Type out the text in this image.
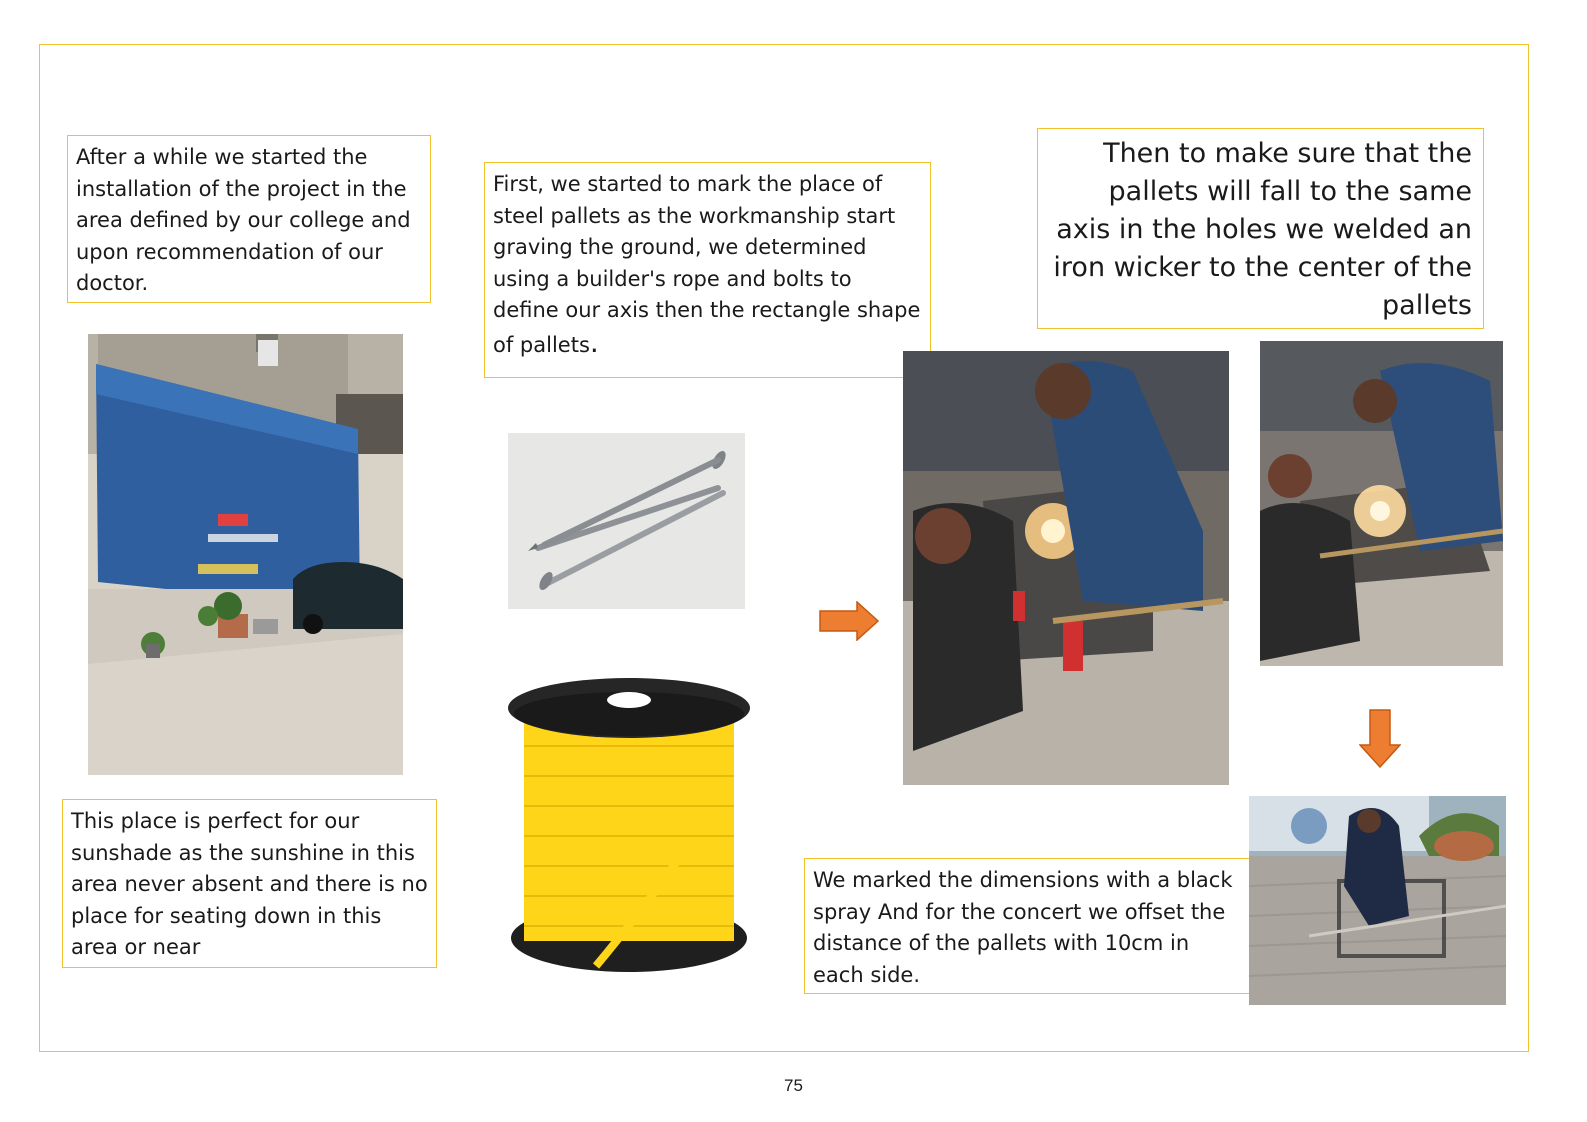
After a while we started the installation of the project in the area defined by our college and upon recommendation of our doctor.
First, we started to mark the place of steel pallets as the workmanship start graving the ground, we determined using a builder's rope and bolts to define our axis then the rectangle shape of pallets.
Then to make sure that the pallets will fall to the same axis in the holes we welded an iron wicker to the center of the pallets
This place is perfect for our sunshade as the sunshine in this area never absent and there is no place for seating down in this area or near
We marked the dimensions with a black spray And for the concert we offset the distance of the pallets with 10cm in each side.
75
